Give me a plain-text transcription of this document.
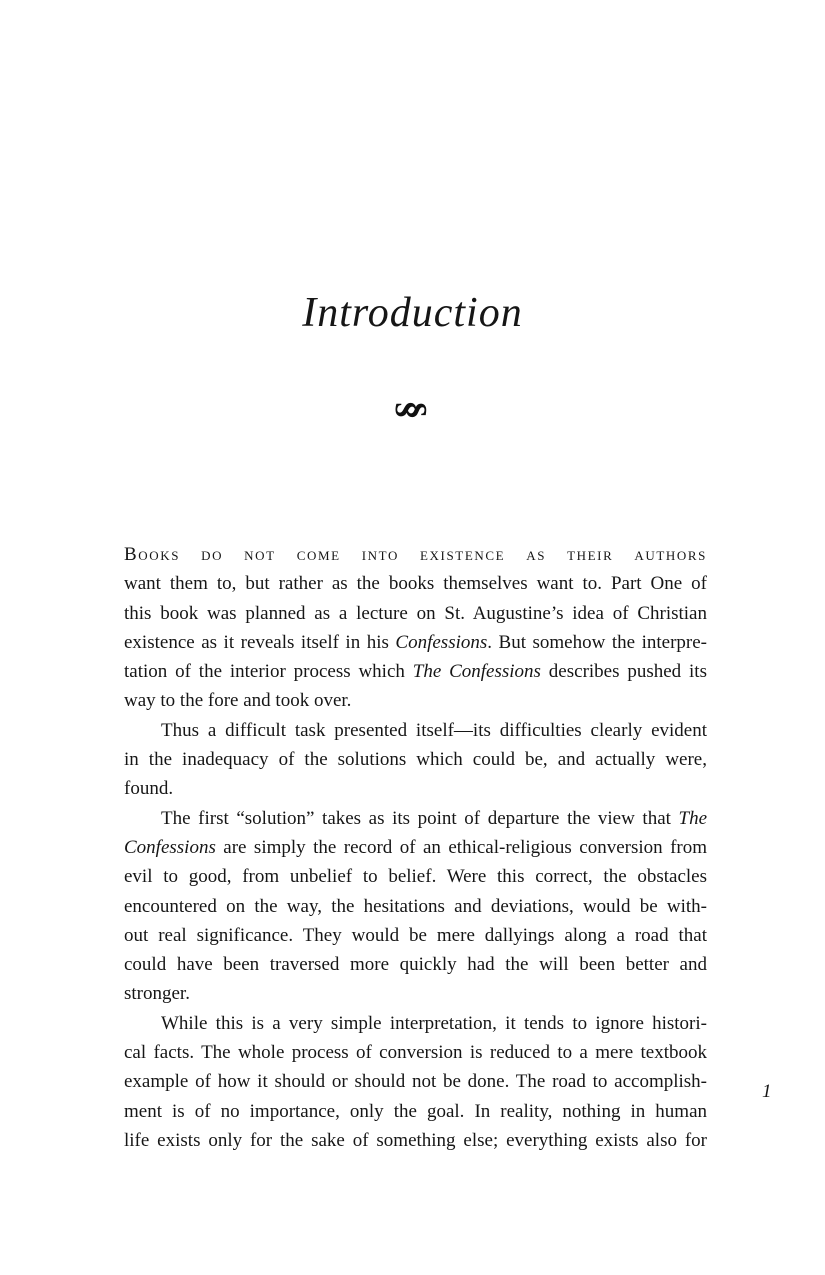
Introduction
§
Books do not come into existence as their authors
want them to, but rather as the books themselves want to. Part One of
this book was planned as a lecture on St. Augustine’s idea of Christian
existence as it reveals itself in his Confessions. But somehow the interpre-
tation of the interior process which The Confessions describes pushed its
way to the fore and took over.
Thus a difficult task presented itself—its difficulties clearly evident
in the inadequacy of the solutions which could be, and actually were,
found.
The first “solution” takes as its point of departure the view that The
Confessions are simply the record of an ethical-religious conversion from
evil to good, from unbelief to belief. Were this correct, the obstacles
encountered on the way, the hesitations and deviations, would be with-
out real significance. They would be mere dallyings along a road that
could have been traversed more quickly had the will been better and
stronger.
While this is a very simple interpretation, it tends to ignore histori-
cal facts. The whole process of conversion is reduced to a mere textbook
example of how it should or should not be done. The road to accomplish-
ment is of no importance, only the goal. In reality, nothing in human
life exists only for the sake of something else; everything exists also for
1
